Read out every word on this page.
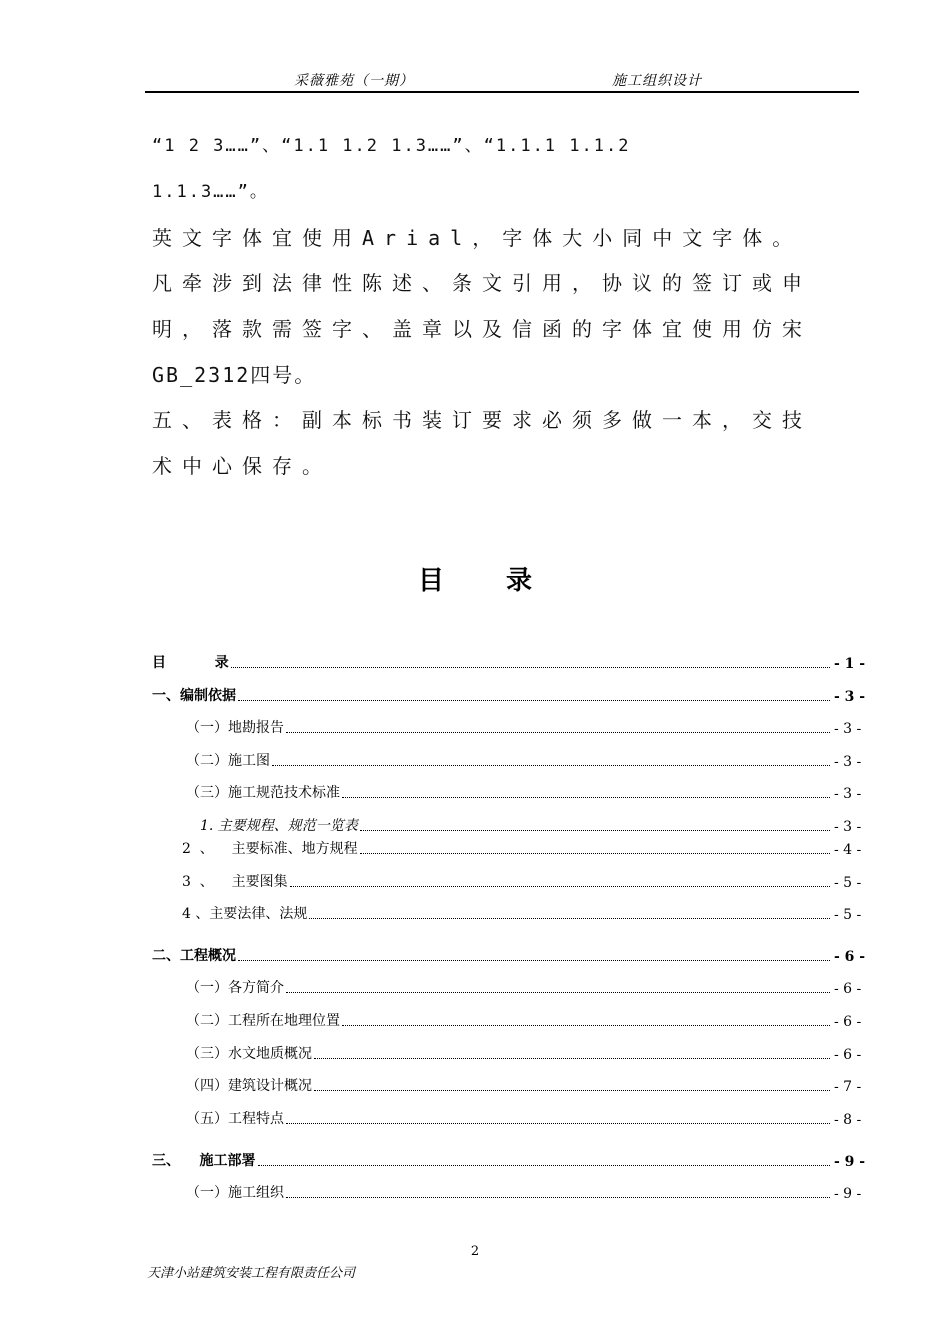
采薇雅苑（一期）	施工组织设计
“1 2 3……”、“1.1 1.2 1.3……”、“1.1.1 1.1.2
1.1.3……”。
英文字体宜使用Arial，字体大小同中文字体。
凡牵涉到法律性陈述、条文引用，协议的签订或申
明，落款需签字、盖章以及信函的字体宜使用仿宋
GB_2312四号。
五、表格：副本标书装订要求必须多做一本，交技
术中心保存。
目录
目          录	- 1 -
一、编制依据	- 3 -
（一）地勘报告	- 3 -
（二）施工图	- 3 -
（三）施工规范技术标准	- 3 -
1. 主要规程、规范一览表	- 3 -
2  、    主要标准、地方规程	- 4 -
3  、    主要图集	- 5 -
4 、主要法律、法规	- 5 -
二、工程概况	- 6 -
（一）各方简介	- 6 -
（二）工程所在地理位置	- 6 -
（三）水文地质概况	- 6 -
（四）建筑设计概况	- 7 -
（五）工程特点	- 8 -
三、    施工部署	- 9 -
（一）施工组织	- 9 -
2
天津小站建筑安装工程有限责任公司
